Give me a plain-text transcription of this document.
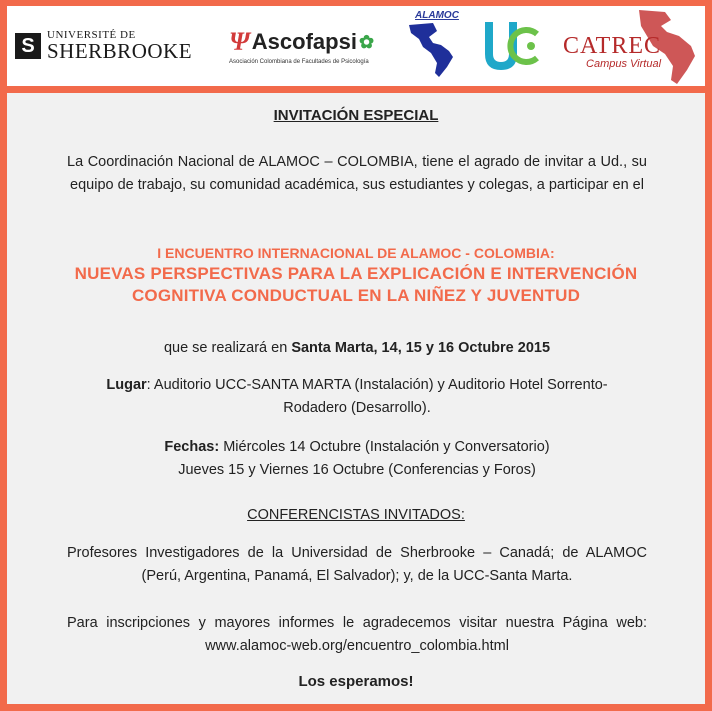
S	UNIVERSITÉ DE
SHERBROOKE Ψ Ascofapsi ✿
Asociación Colombiana de Facultades de Psicología
ALAMOC
CATREC
Campus Virtual
INVITACIÓN ESPECIAL
La Coordinación Nacional de ALAMOC – COLOMBIA, tiene el agrado de invitar a Ud., su equipo de trabajo, su comunidad académica, sus estudiantes y colegas, a participar en el
I ENCUENTRO INTERNACIONAL DE ALAMOC - COLOMBIA:
NUEVAS PERSPECTIVAS PARA LA EXPLICACIÓN E INTERVENCIÓN
COGNITIVA CONDUCTUAL EN LA NIÑEZ Y JUVENTUD
que se realizará en Santa Marta, 14, 15 y 16 Octubre 2015
Lugar: Auditorio UCC-SANTA MARTA (Instalación) y Auditorio Hotel Sorrento- Rodadero (Desarrollo).
Fechas: Miércoles 14 Octubre (Instalación y Conversatorio)
Jueves 15 y Viernes 16 Octubre (Conferencias y Foros)
CONFERENCISTAS INVITADOS:
Profesores Investigadores de la Universidad de Sherbrooke – Canadá; de ALAMOC (Perú, Argentina, Panamá, El Salvador); y, de la UCC-Santa Marta.
Para inscripciones y mayores informes le agradecemos visitar nuestra Página web: www.alamoc-web.org/encuentro_colombia.html
Los esperamos!
